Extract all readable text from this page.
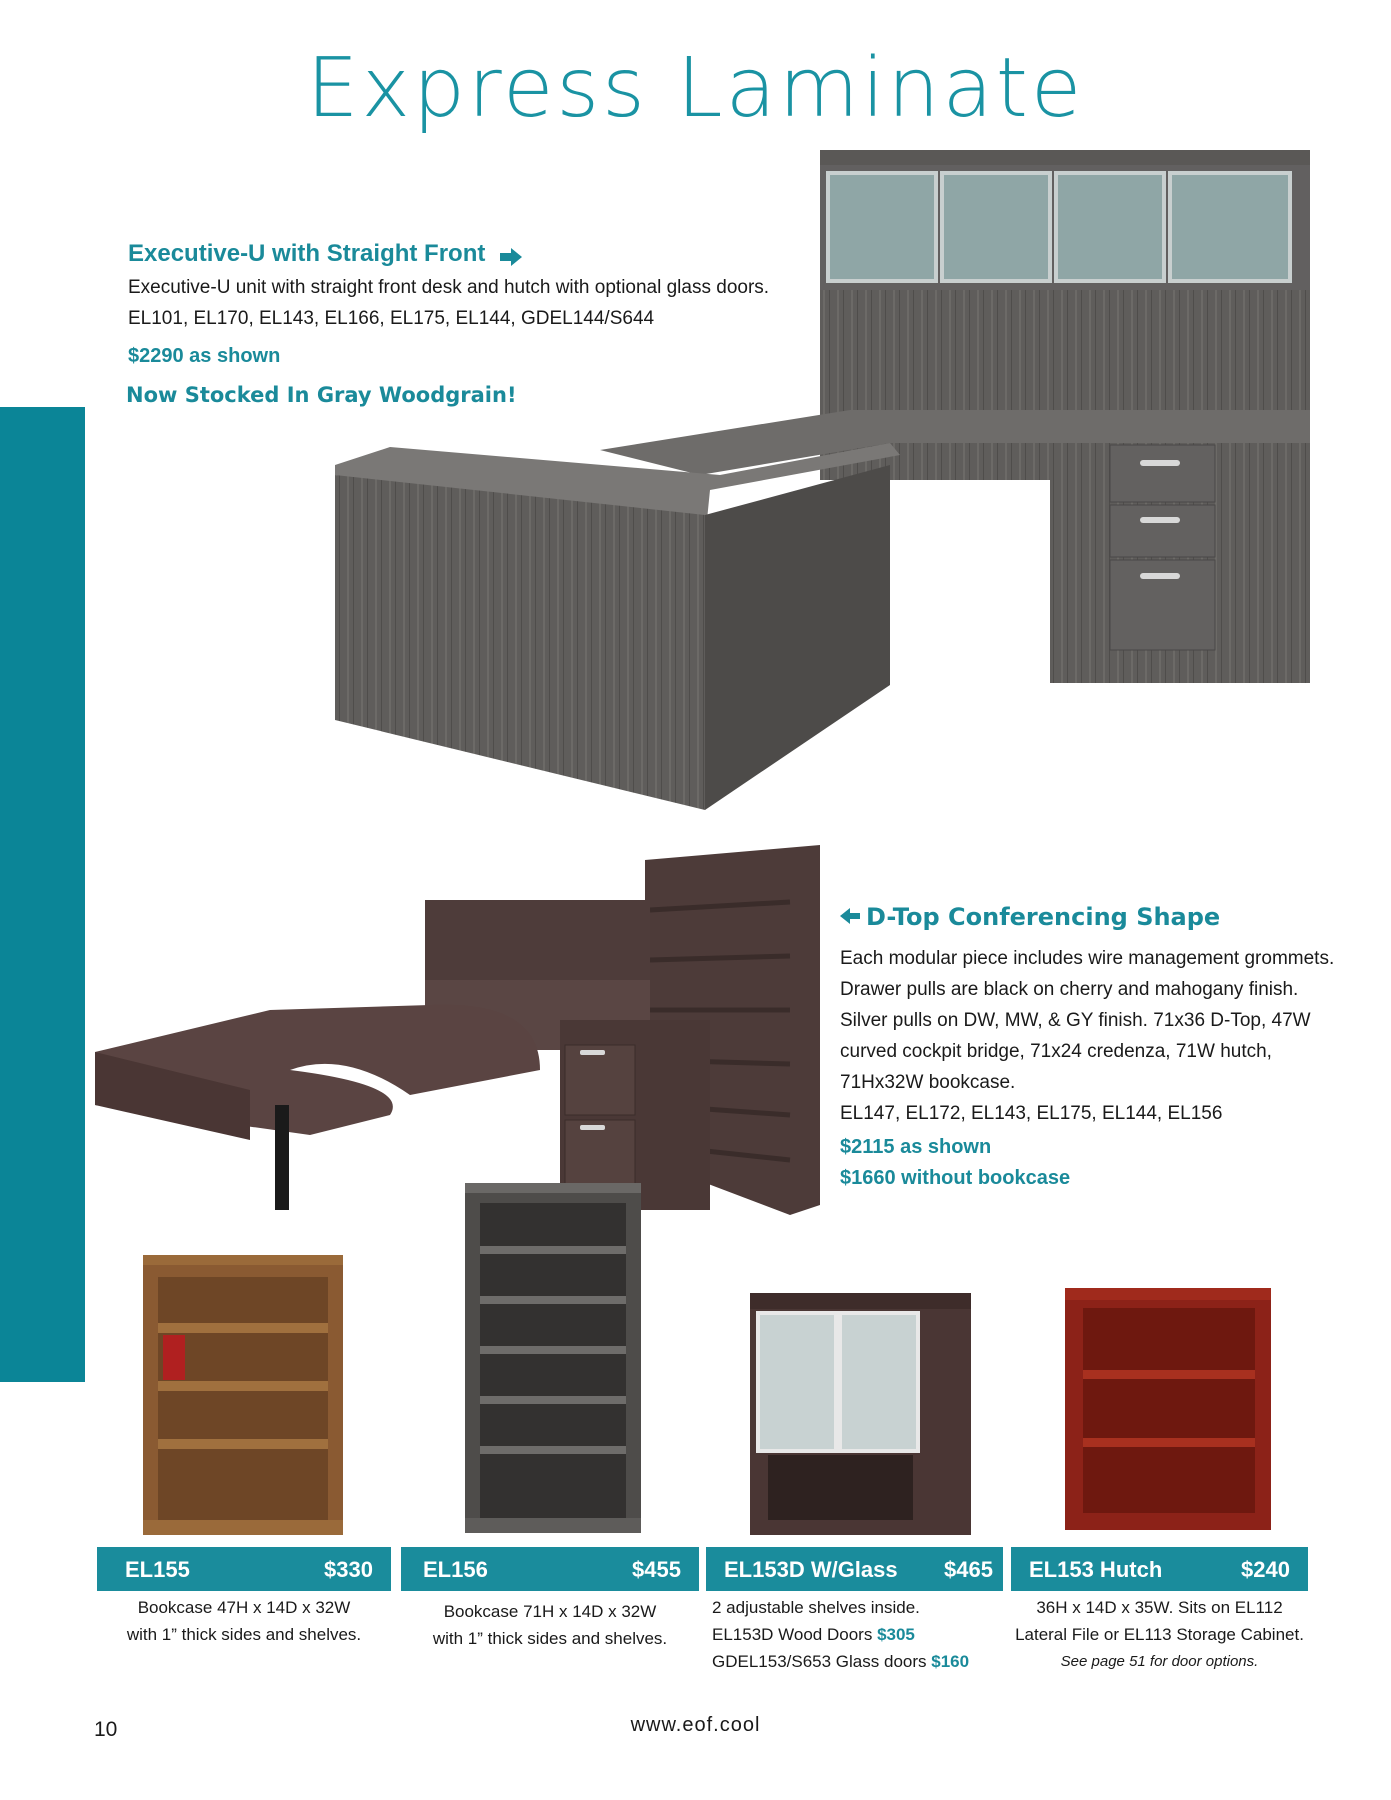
Express Laminate
Executive-U with Straight Front
Executive-U unit with straight front desk and hutch with optional glass doors.
EL101, EL170, EL143, EL166, EL175, EL144, GDEL144/S644
$2290 as shown
Now Stocked In Gray Woodgrain!
D-Top Conferencing Shape
Each modular piece includes wire management grommets.
Drawer pulls are black on cherry and mahogany finish.
Silver pulls on DW, MW, & GY finish. 71x36 D-Top, 47W
curved cockpit bridge, 71x24 credenza, 71W hutch,
71Hx32W bookcase.
EL147, EL172, EL143, EL175, EL144, EL156
$2115 as shown
$1660 without bookcase
EL155	$330 EL156	$455 EL153D W/Glass $465 EL153 Hutch	$240
Bookcase 47H x 14D x 32W
with 1” thick sides and shelves.
Bookcase 71H x 14D x 32W
with 1” thick sides and shelves.
2 adjustable shelves inside.
EL153D Wood Doors $305
GDEL153/S653 Glass doors $160
36H x 14D x 35W. Sits on EL112
Lateral File or EL113 Storage Cabinet.
See page 51 for door options.
10	www.eof.cool
